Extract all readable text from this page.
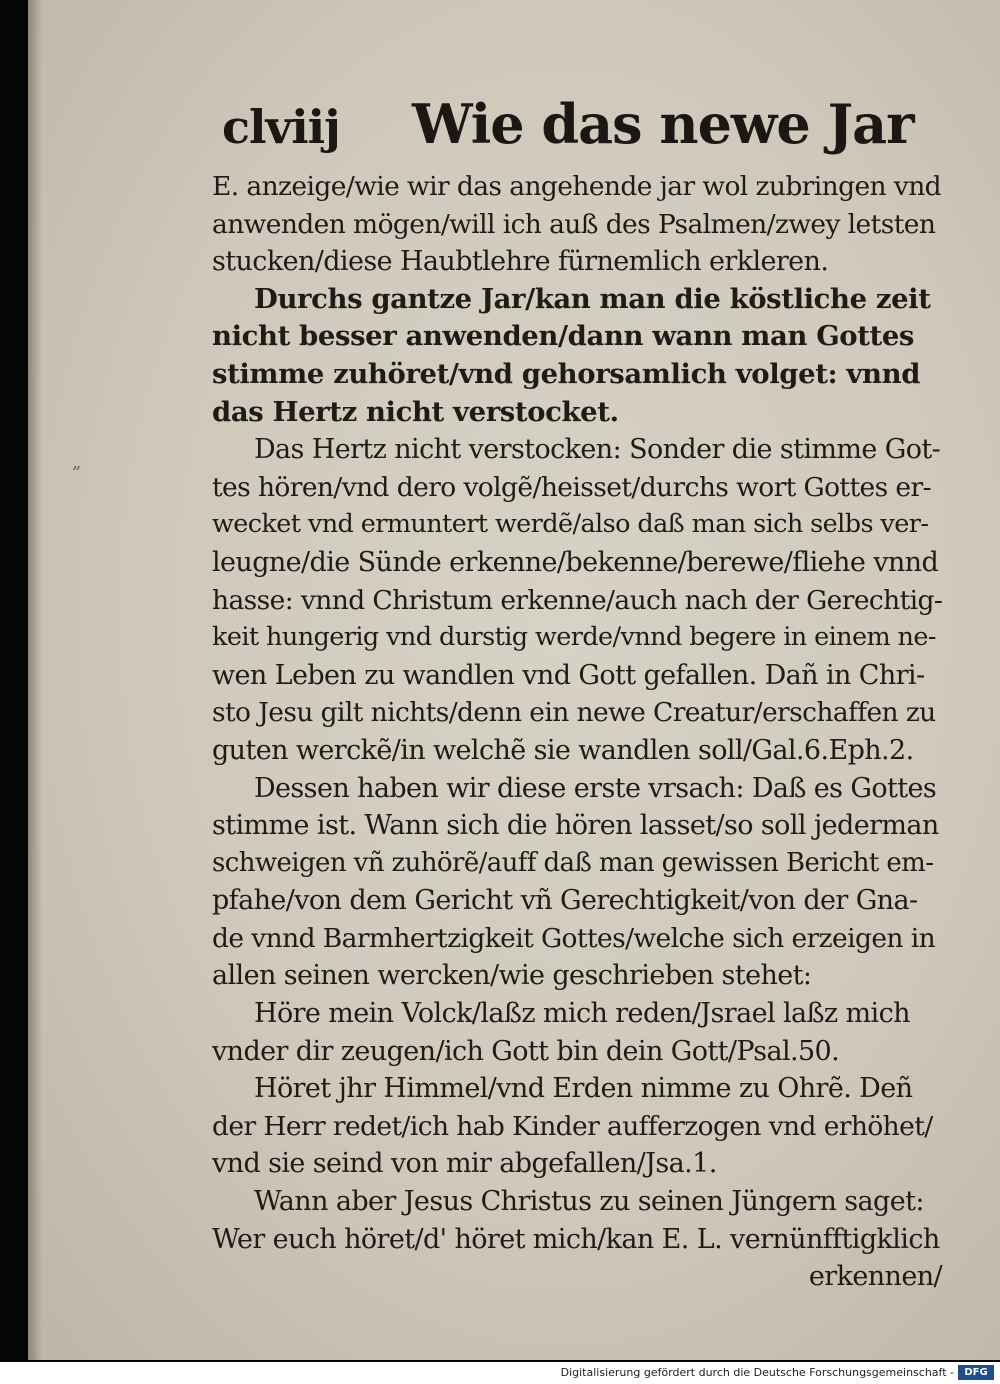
„
clviij Wie das newe Jar
E. anzeige/wie wir das angehende jar wol zubringen vnd
anwenden mögen/will ich auß des Psalmen/zwey letsten
stucken/diese Haubtlehre fürnemlich erkleren.
Durchs gantze Jar/kan man die köstliche zeit
nicht besser anwenden/dann wann man Gottes
stimme zuhöret/vnd gehorsamlich volget: vnnd
das Hertz nicht verstocket.
Das Hertz nicht verstocken: Sonder die stimme Got-
tes hören/vnd dero volgẽ/heisset/durchs wort Gottes er-
wecket vnd ermuntert werdẽ/also daß man sich selbs ver-
leugne/die Sünde erkenne/bekenne/berewe/fliehe vnnd
hasse: vnnd Christum erkenne/auch nach der Gerechtig-
keit hungerig vnd durstig werde/vnnd begere in einem ne-
wen Leben zu wandlen vnd Gott gefallen. Dañ in Chri-
sto Jesu gilt nichts/denn ein newe Creatur/erschaffen zu
guten werckẽ/in welchẽ sie wandlen soll/Gal.6.Eph.2.
Dessen haben wir diese erste vrsach: Daß es Gottes
stimme ist. Wann sich die hören lasset/so soll jederman
schweigen vñ zuhörẽ/auff daß man gewissen Bericht em-
pfahe/von dem Gericht vñ Gerechtigkeit/von der Gna-
de vnnd Barmhertzigkeit Gottes/welche sich erzeigen in
allen seinen wercken/wie geschrieben stehet:
Höre mein Volck/laßz mich reden/Jsrael laßz mich
vnder dir zeugen/ich Gott bin dein Gott/Psal.50.
Höret jhr Himmel/vnd Erden nimme zu Ohrẽ. Deñ
der Herr redet/ich hab Kinder aufferzogen vnd erhöhet/
vnd sie seind von mir abgefallen/Jsa.1.
Wann aber Jesus Christus zu seinen Jüngern saget:
Wer euch höret/d' höret mich/kan E. L. vernünfftigklich
erkennen/
Digitalisierung gefördert durch die Deutsche Forschungsgemeinschaft -	DFG
